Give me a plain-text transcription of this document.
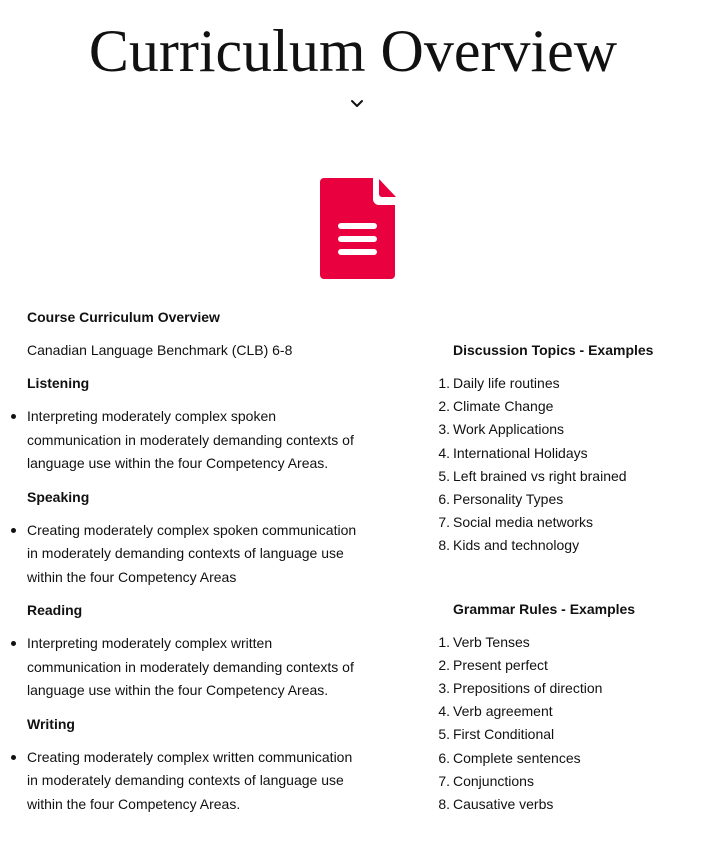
Curriculum Overview

Course Curriculum Overview

Canadian Language Benchmark (CLB) 6-8

Listening

Interpreting moderately complex spoken communication in moderately demanding contexts of language use within the four Competency Areas.

Speaking

Creating moderately complex spoken communication in moderately demanding contexts of language use within the four Competency Areas

Reading

Interpreting moderately complex written communication in moderately demanding contexts of language use within the four Competency Areas.

Writing

Creating moderately complex written communication in moderately demanding contexts of language use within the four Competency Areas.

Discussion Topics - Examples

1. Daily life routines
2. Climate Change
3. Work Applications
4. International Holidays
5. Left brained vs right brained
6. Personality Types
7. Social media networks
8. Kids and technology

Grammar Rules - Examples

1. Verb Tenses
2. Present perfect
3. Prepositions of direction
4. Verb agreement
5. First Conditional
6. Complete sentences
7. Conjunctions
8. Causative verbs
